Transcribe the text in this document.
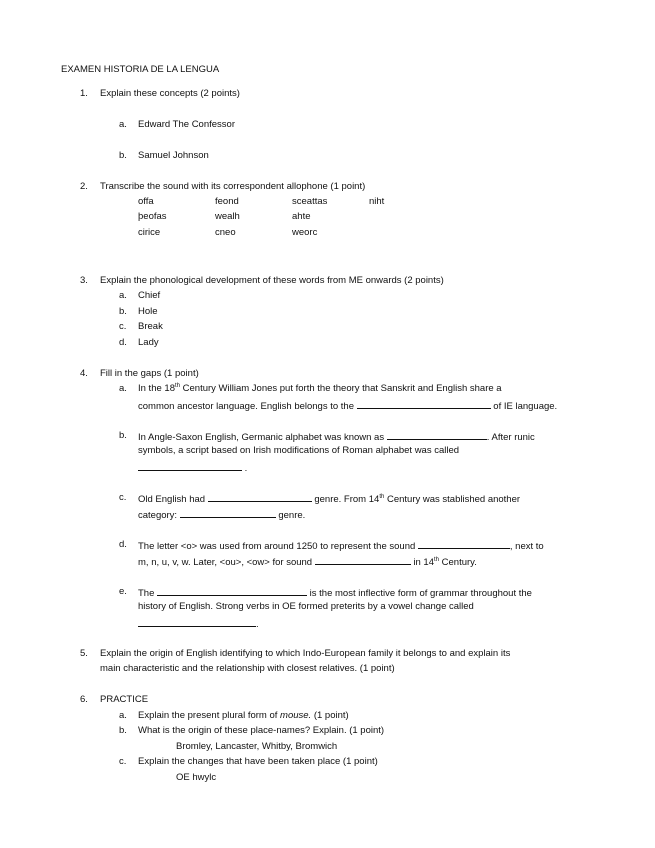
EXAMEN HISTORIA DE LA LENGUA
1. Explain these concepts (2 points)
a. Edward The Confessor
b. Samuel Johnson
2. Transcribe the sound with its correspondent allophone (1 point)
offa	feond	sceattas	niht
þeofas	wealh	ahte
cirice	cneo	weorc
3. Explain the phonological development of these words from ME onwards (2 points)
a. Chief
b. Hole
c. Break
d. Lady
4. Fill in the gaps (1 point)
a. In the 18th Century William Jones put forth the theory that Sanskrit and English share a
common ancestor language. English belongs to the	of IE language.
b. In Angle-Saxon English, Germanic alphabet was known as	. After runic
symbols, a script based on Irish modifications of Roman alphabet was called
.
c. Old English had	genre. From 14th Century was stablished another
category:	genre.
d. The letter <o> was used from around 1250 to represent the sound	, next to
m, n, u, v, w. Later, <ou>, <ow> for sound	in 14th Century.
e. The	is the most inflective form of grammar throughout the
history of English. Strong verbs in OE formed preterits by a vowel change called
.
5. Explain the origin of English identifying to which Indo-European family it belongs to and explain its
main characteristic and the relationship with closest relatives. (1 point)
6. PRACTICE
a. Explain the present plural form of mouse. (1 point)
b. What is the origin of these place-names? Explain. (1 point)
Bromley, Lancaster, Whitby, Bromwich
c. Explain the changes that have been taken place (1 point)
OE hwylc
